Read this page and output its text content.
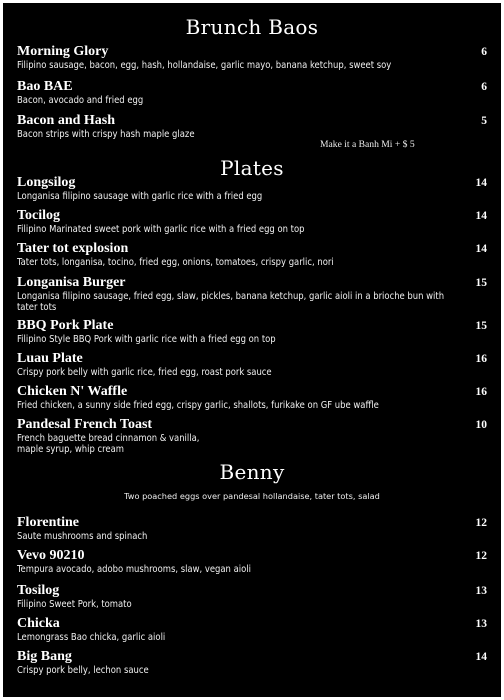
Brunch Baos
Morning Glory
Filipino sausage, bacon, egg, hash, hollandaise, garlic mayo, banana ketchup, sweet soy
6
Bao BAE
Bacon, avocado and fried egg
6
Bacon and Hash
Bacon strips with crispy hash maple glaze
5
Make it a Banh Mi + $ 5
Plates
Longsilog
Longanisa filipino sausage with garlic rice with a fried egg
14
Tocilog
Filipino Marinated sweet pork with garlic rice with a fried egg on top
14
Tater tot explosion
Tater tots, longanisa, tocino, fried egg, onions, tomatoes, crispy garlic, nori
14
Longanisa Burger
Longanisa filipino sausage, fried egg, slaw, pickles, banana ketchup, garlic aioli in a brioche bun with tater tots
15
BBQ Pork Plate
Filipino Style BBQ Pork with garlic rice with a fried egg on top
15
Luau Plate
Crispy pork belly with garlic rice, fried egg, roast pork sauce
16
Chicken N' Waffle
Fried chicken, a sunny side fried egg, crispy garlic, shallots, furikake on GF ube waffle
16
Pandesal French Toast
French baguette bread cinnamon & vanilla, maple syrup, whip cream
10
Benny
Two poached eggs over pandesal hollandaise, tater tots, salad
Florentine
Saute mushrooms and spinach
12
Vevo 90210
Tempura avocado, adobo mushrooms, slaw, vegan aioli
12
Tosilog
Filipino Sweet Pork, tomato
13
Chicka
Lemongrass Bao chicka, garlic aioli
13
Big Bang
Crispy pork belly, lechon sauce
14
